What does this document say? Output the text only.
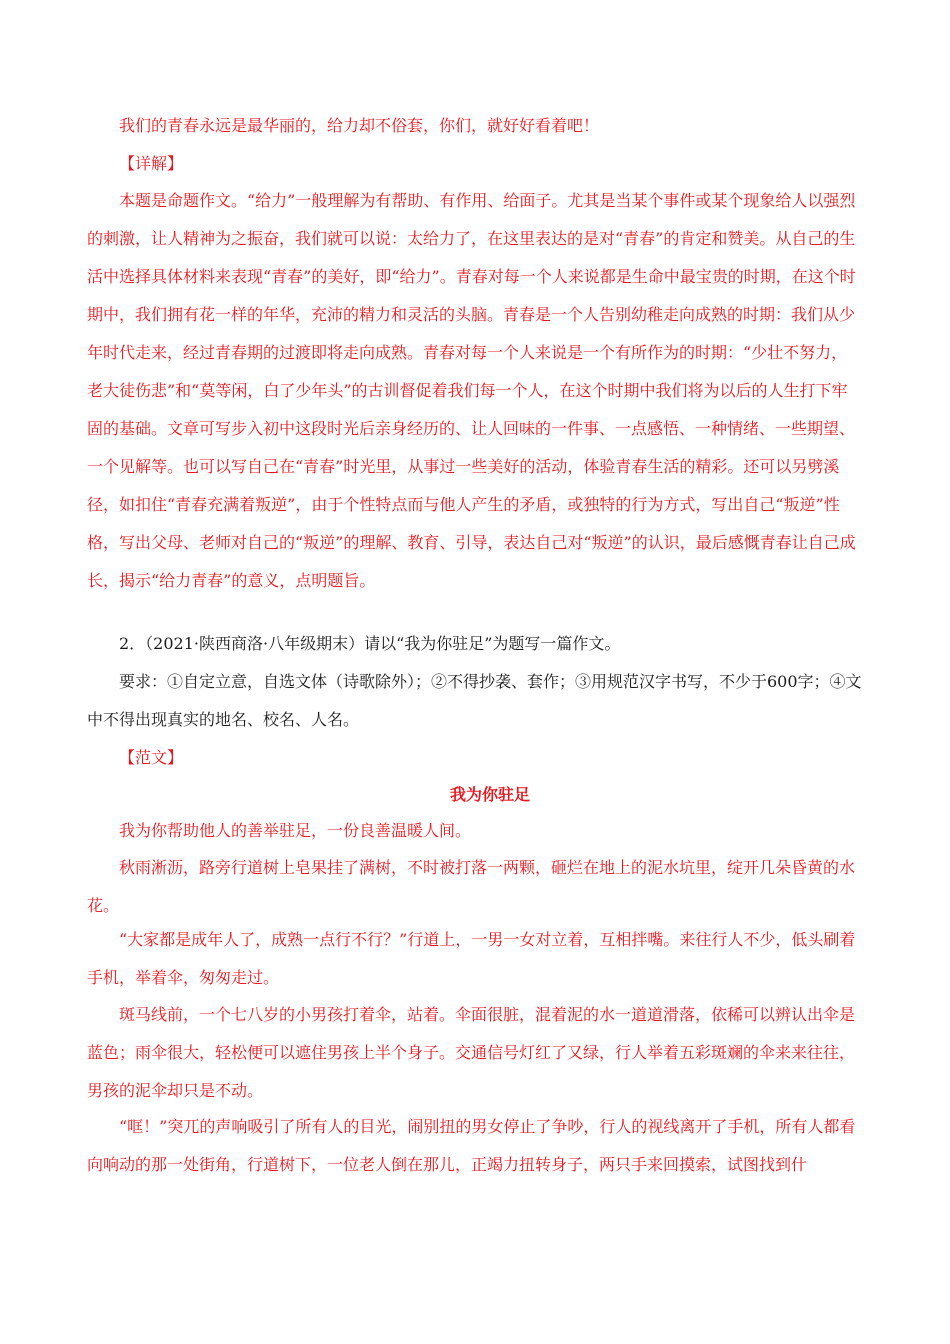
我们的青春永远是最华丽的，给力却不俗套，你们，就好好看着吧！

【详解】

本题是命题作文。“给力”一般理解为有帮助、有作用、给面子。尤其是当某个事件或某个现象给人以强烈的刺激，让人精神为之振奋，我们就可以说：太给力了，在这里表达的是对“青春”的肯定和赞美。从自己的生活中选择具体材料来表现“青春”的美好，即“给力”。青春对每一个人来说都是生命中最宝贵的时期，在这个时期中，我们拥有花一样的年华，充沛的精力和灵活的头脑。青春是一个人告别幼稚走向成熟的时期：我们从少年时代走来，经过青春期的过渡即将走向成熟。青春对每一个人来说是一个有所作为的时期：“少壮不努力，老大徒伤悲”和“莫等闲，白了少年头”的古训督促着我们每一个人，在这个时期中我们将为以后的人生打下牢固的基础。文章可写步入初中这段时光后亲身经历的、让人回味的一件事、一点感悟、一种情绪、一些期望、一个见解等。也可以写自己在“青春”时光里，从事过一些美好的活动，体验青春生活的精彩。还可以另劈溪径，如扣住“青春充满着叛逆”，由于个性特点而与他人产生的矛盾，或独特的行为方式，写出自己“叛逆”性格，写出父母、老师对自己的“叛逆”的理解、教育、引导，表达自己对“叛逆”的认识，最后感慨青春让自己成长，揭示“给力青春”的意义，点明题旨。

2．（2021·陕西商洛·八年级期末）请以“我为你驻足”为题写一篇作文。

要求：①自定立意，自选文体（诗歌除外）；②不得抄袭、套作；③用规范汉字书写，不少于600字；④文中不得出现真实的地名、校名、人名。

【范文】

我为你驻足

我为你帮助他人的善举驻足，一份良善温暖人间。

秋雨淅沥，路旁行道树上皂果挂了满树，不时被打落一两颗，砸烂在地上的泥水坑里，绽开几朵昏黄的水花。

“大家都是成年人了，成熟一点行不行？”行道上，一男一女对立着，互相拌嘴。来往行人不少，低头刷着手机，举着伞，匆匆走过。

斑马线前，一个七八岁的小男孩打着伞，站着。伞面很脏，混着泥的水一道道滑落，依稀可以辨认出伞是蓝色；雨伞很大，轻松便可以遮住男孩上半个身子。交通信号灯红了又绿，行人举着五彩斑斓的伞来来往往，男孩的泥伞却只是不动。

“哐！”突兀的声响吸引了所有人的目光，闹别扭的男女停止了争吵，行人的视线离开了手机，所有人都看向响动的那一处街角，行道树下，一位老人倒在那儿，正竭力扭转身子，两只手来回摸索，试图找到什
